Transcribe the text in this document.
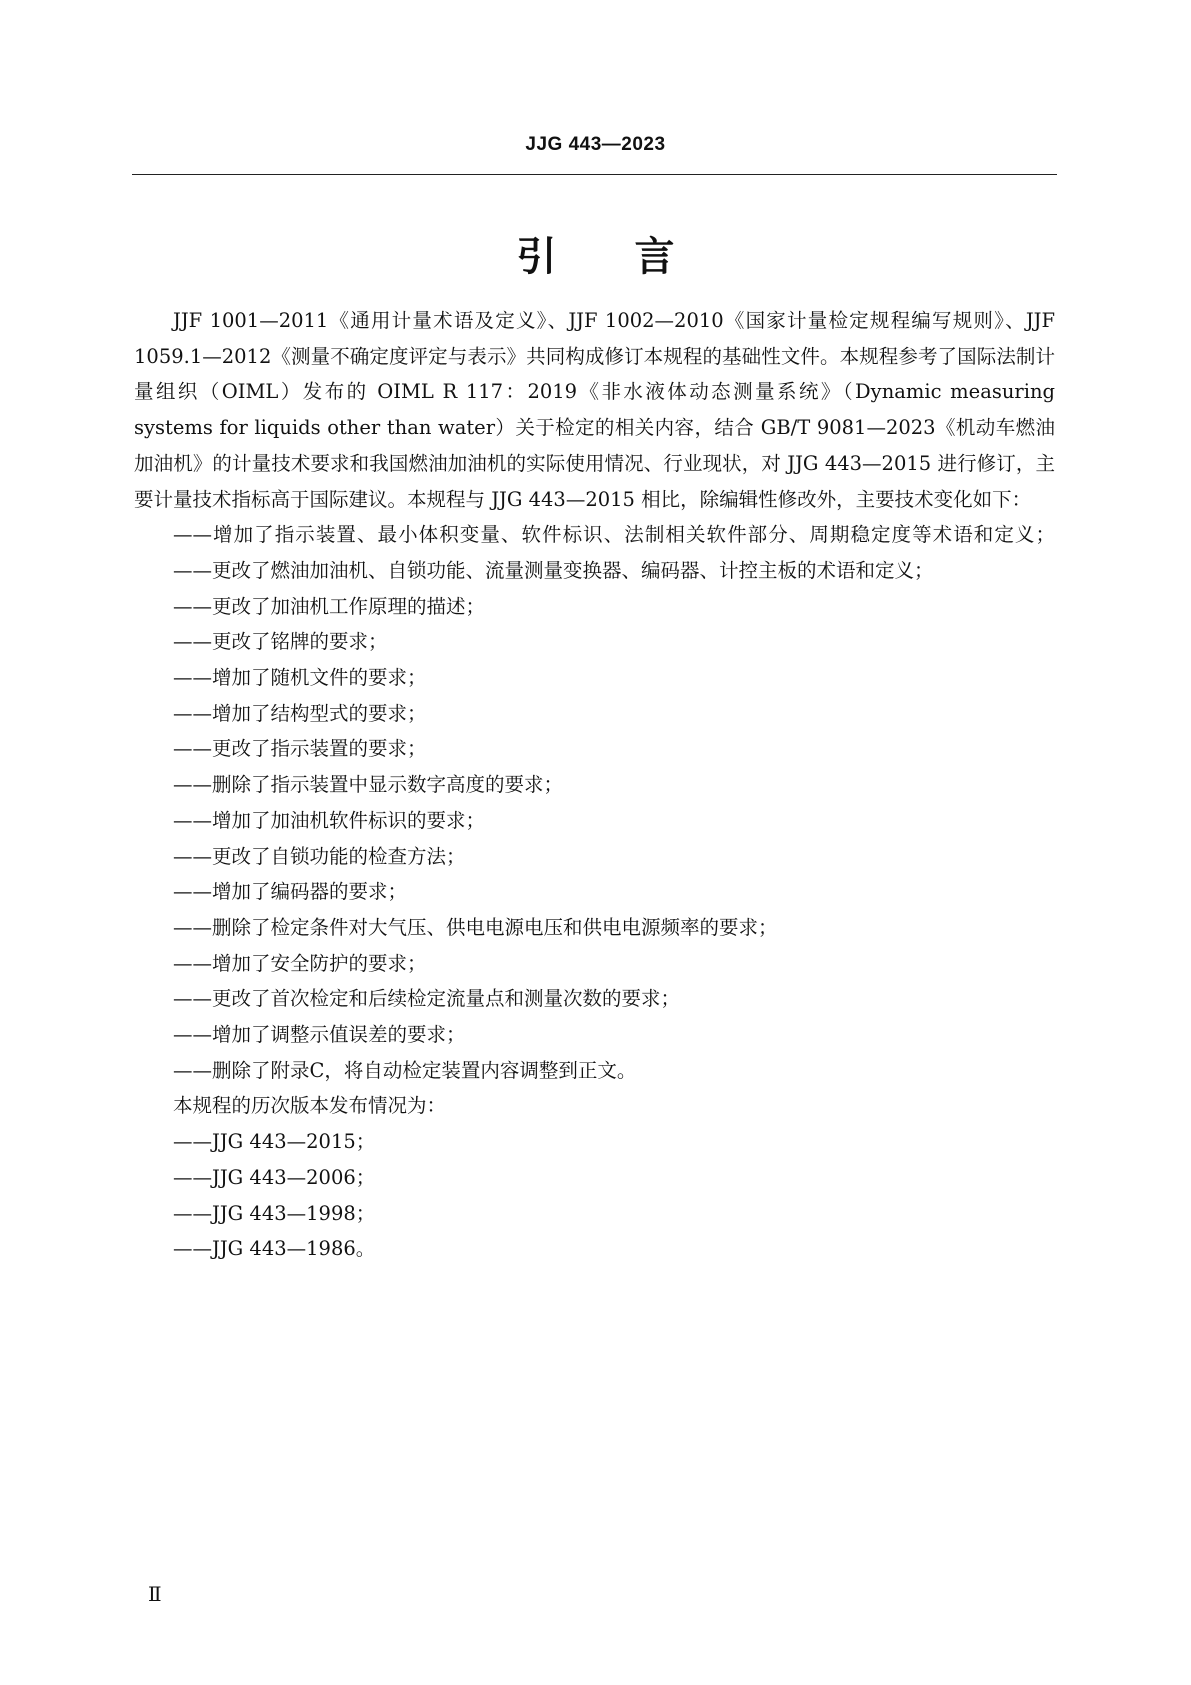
JJG 443—2023
引言

JJF 1001—2011《通用计量术语及定义》、JJF 1002—2010《国家计量检定规程编写规则》、JJF 1059.1—2012《测量不确定度评定与表示》共同构成修订本规程的基础性文件。本规程参考了国际法制计量组织（OIML）发布的 OIML R 117：2019《非水液体动态测量系统》（Dynamic measuring systems for liquids other than water）关于检定的相关内容，结合 GB/T 9081—2023《机动车燃油加油机》的计量技术要求和我国燃油加油机的实际使用情况、行业现状，对 JJG 443—2015 进行修订，主要计量技术指标高于国际建议。本规程与 JJG 443—2015 相比，除编辑性修改外，主要技术变化如下：

——增加了指示装置、最小体积变量、软件标识、法制相关软件部分、周期稳定度等术语和定义；

——更改了燃油加油机、自锁功能、流量测量变换器、编码器、计控主板的术语和定义；

——更改了加油机工作原理的描述；

——更改了铭牌的要求；

——增加了随机文件的要求；

——增加了结构型式的要求；

——更改了指示装置的要求；

——删除了指示装置中显示数字高度的要求；

——增加了加油机软件标识的要求；

——更改了自锁功能的检查方法；

——增加了编码器的要求；

——删除了检定条件对大气压、供电电源电压和供电电源频率的要求；

——增加了安全防护的要求；

——更改了首次检定和后续检定流量点和测量次数的要求；

——增加了调整示值误差的要求；

——删除了附录C，将自动检定装置内容调整到正文。

本规程的历次版本发布情况为：

——JJG 443—2015；

——JJG 443—2006；

——JJG 443—1998；

——JJG 443—1986。

Ⅱ
